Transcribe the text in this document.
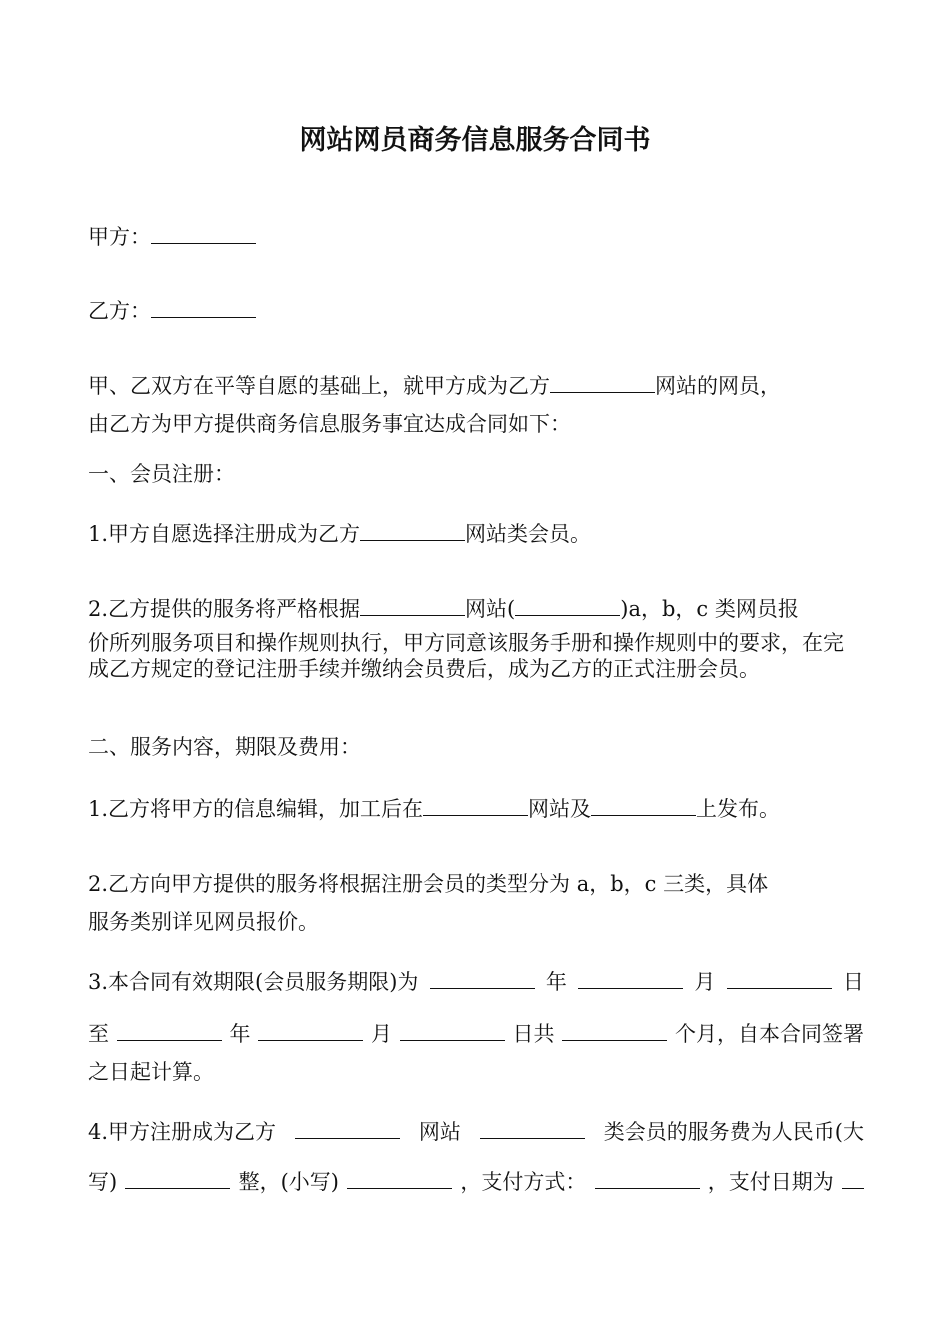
网站网员商务信息服务合同书
甲方：
乙方：
甲、乙双方在平等自愿的基础上，就甲方成为乙方	网站的网员，
由乙方为甲方提供商务信息服务事宜达成合同如下：
一、会员注册：
1.甲方自愿选择注册成为乙方	网站类会员。
2.乙方提供的服务将严格根据	网站(	)a，b，c 类网员报
价所列服务项目和操作规则执行，甲方同意该服务手册和操作规则中的要求，在完成乙方规定的登记注册手续并缴纳会员费后，成为乙方的正式注册会员。
二、服务内容，期限及费用：
1.乙方将甲方的信息编辑，加工后在	网站及	上发布。
2.乙方向甲方提供的服务将根据注册会员的类型分为 a，b，c 三类，具体
服务类别详见网员报价。
3.本合同有效期限(会员服务期限)为	年	月	日
至	年	月	日共	个月，自本合同签署
之日起计算。
4.甲方注册成为乙方	网站	类会员的服务费为人民币(大
写)	整，(小写)	，支付方式：	，支付日期为
